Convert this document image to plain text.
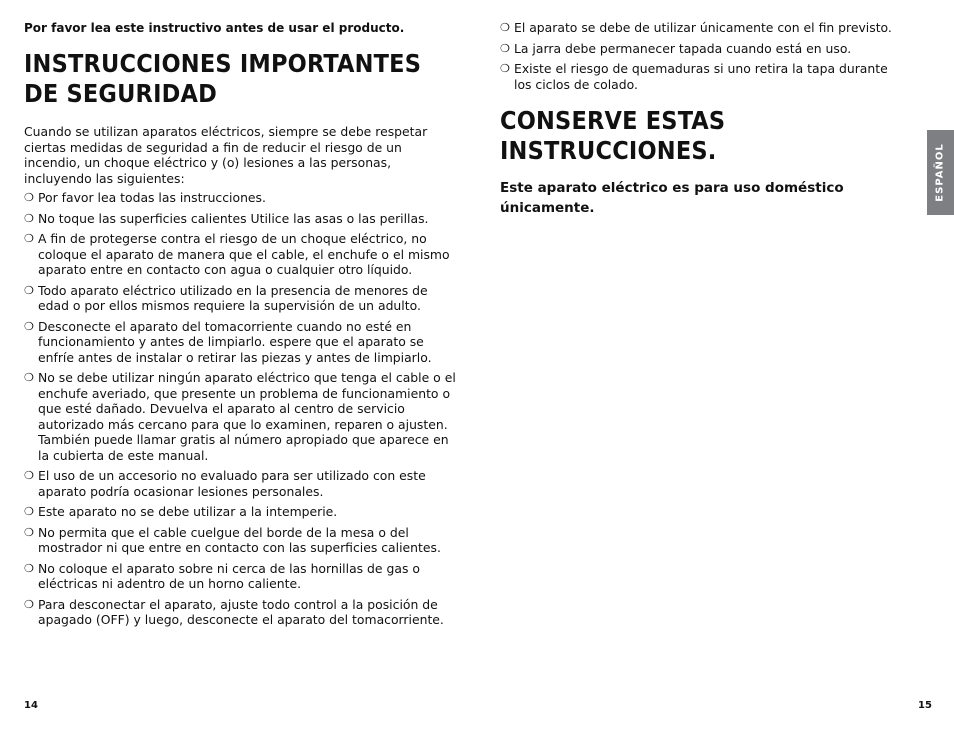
Por favor lea este instructivo antes de usar el producto.

INSTRUCCIONES IMPORTANTES
DE SEGURIDAD

Cuando se utilizan aparatos eléctricos, siempre se debe respetar ciertas medidas de seguridad a fin de reducir el riesgo de un incendio, un choque eléctrico y (o) lesiones a las personas, incluyendo las siguientes:

❍ Por favor lea todas las instrucciones.
❍ No toque las superficies calientes Utilice las asas o las perillas.
❍ A fin de protegerse contra el riesgo de un choque eléctrico, no coloque el aparato de manera que el cable, el enchufe o el mismo aparato entre en contacto con agua o cualquier otro líquido.
❍ Todo aparato eléctrico utilizado en la presencia de menores de edad o por ellos mismos requiere la supervisión de un adulto.
❍ Desconecte el aparato del tomacorriente cuando no esté en funcionamiento y antes de limpiarlo. espere que el aparato se enfríe antes de instalar o retirar las piezas y antes de limpiarlo.
❍ No se debe utilizar ningún aparato eléctrico que tenga el cable o el enchufe averiado, que presente un problema de funcionamiento o que esté dañado. Devuelva el aparato al centro de servicio autorizado más cercano para que lo examinen, reparen o ajusten. También puede llamar gratis al número apropiado que aparece en la cubierta de este manual.
❍ El uso de un accesorio no evaluado para ser utilizado con este aparato podría ocasionar lesiones personales.
❍ Este aparato no se debe utilizar a la intemperie.
❍ No permita que el cable cuelgue del borde de la mesa o del mostrador ni que entre en contacto con las superficies calientes.
❍ No coloque el aparato sobre ni cerca de las hornillas de gas o eléctricas ni adentro de un horno caliente.
❍ Para desconectar el aparato, ajuste todo control a la posición de apagado (OFF) y luego, desconecte el aparato del tomacorriente.
❍ El aparato se debe de utilizar únicamente con el fin previsto.
❍ La jarra debe permanecer tapada cuando está en uso.
❍ Existe el riesgo de quemaduras si uno retira la tapa durante los ciclos de colado.
CONSERVE ESTAS
INSTRUCCIONES.

Este aparato eléctrico es para uso doméstico únicamente.

ESPAÑOL
14	15
